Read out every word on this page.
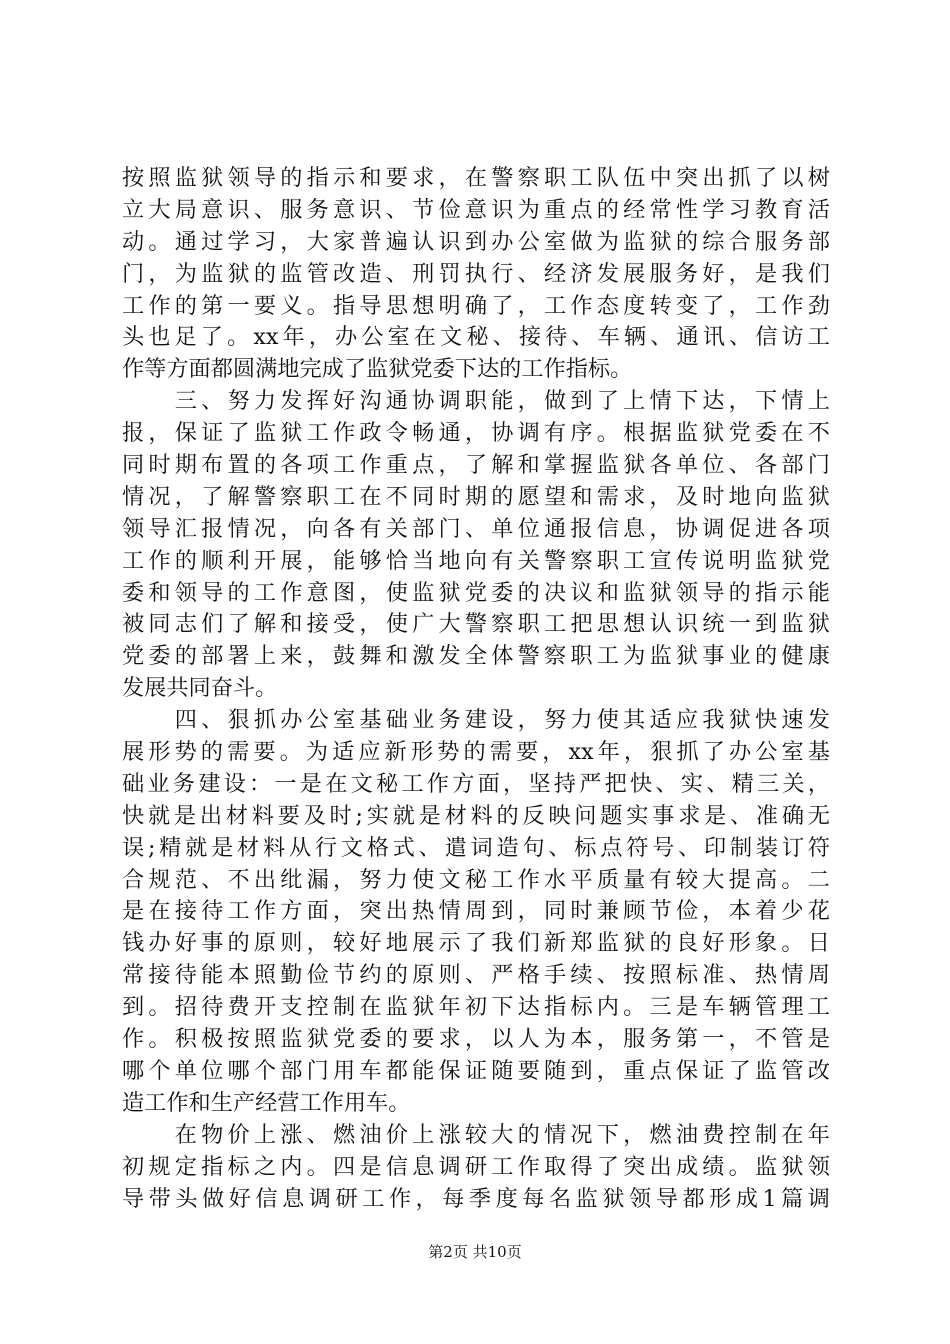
按照监狱领导的指示和要求，在警察职工队伍中突出抓了以树
立大局意识、服务意识、节俭意识为重点的经常性学习教育活
动。通过学习，大家普遍认识到办公室做为监狱的综合服务部
门，为监狱的监管改造、刑罚执行、经济发展服务好，是我们
工作的第一要义。指导思想明确了，工作态度转变了，工作劲
头也足了。xx年，办公室在文秘、接待、车辆、通讯、信访工
作等方面都圆满地完成了监狱党委下达的工作指标。
　　三、努力发挥好沟通协调职能，做到了上情下达，下情上
报，保证了监狱工作政令畅通，协调有序。根据监狱党委在不
同时期布置的各项工作重点，了解和掌握监狱各单位、各部门
情况，了解警察职工在不同时期的愿望和需求，及时地向监狱
领导汇报情况，向各有关部门、单位通报信息，协调促进各项
工作的顺利开展，能够恰当地向有关警察职工宣传说明监狱党
委和领导的工作意图，使监狱党委的决议和监狱领导的指示能
被同志们了解和接受，使广大警察职工把思想认识统一到监狱
党委的部署上来，鼓舞和激发全体警察职工为监狱事业的健康
发展共同奋斗。
　　四、狠抓办公室基础业务建设，努力使其适应我狱快速发
展形势的需要。为适应新形势的需要，xx年，狠抓了办公室基
础业务建设：一是在文秘工作方面，坚持严把快、实、精三关，
快就是出材料要及时;实就是材料的反映问题实事求是、准确无
误;精就是材料从行文格式、遣词造句、标点符号、印制装订符
合规范、不出纰漏，努力使文秘工作水平质量有较大提高。二
是在接待工作方面，突出热情周到，同时兼顾节俭，本着少花
钱办好事的原则，较好地展示了我们新郑监狱的良好形象。日
常接待能本照勤俭节约的原则、严格手续、按照标准、热情周
到。招待费开支控制在监狱年初下达指标内。三是车辆管理工
作。积极按照监狱党委的要求，以人为本，服务第一，不管是
哪个单位哪个部门用车都能保证随要随到，重点保证了监管改
造工作和生产经营工作用车。
　　在物价上涨、燃油价上涨较大的情况下，燃油费控制在年
初规定指标之内。四是信息调研工作取得了突出成绩。监狱领
导带头做好信息调研工作，每季度每名监狱领导都形成1篇调
第2页 共10页
